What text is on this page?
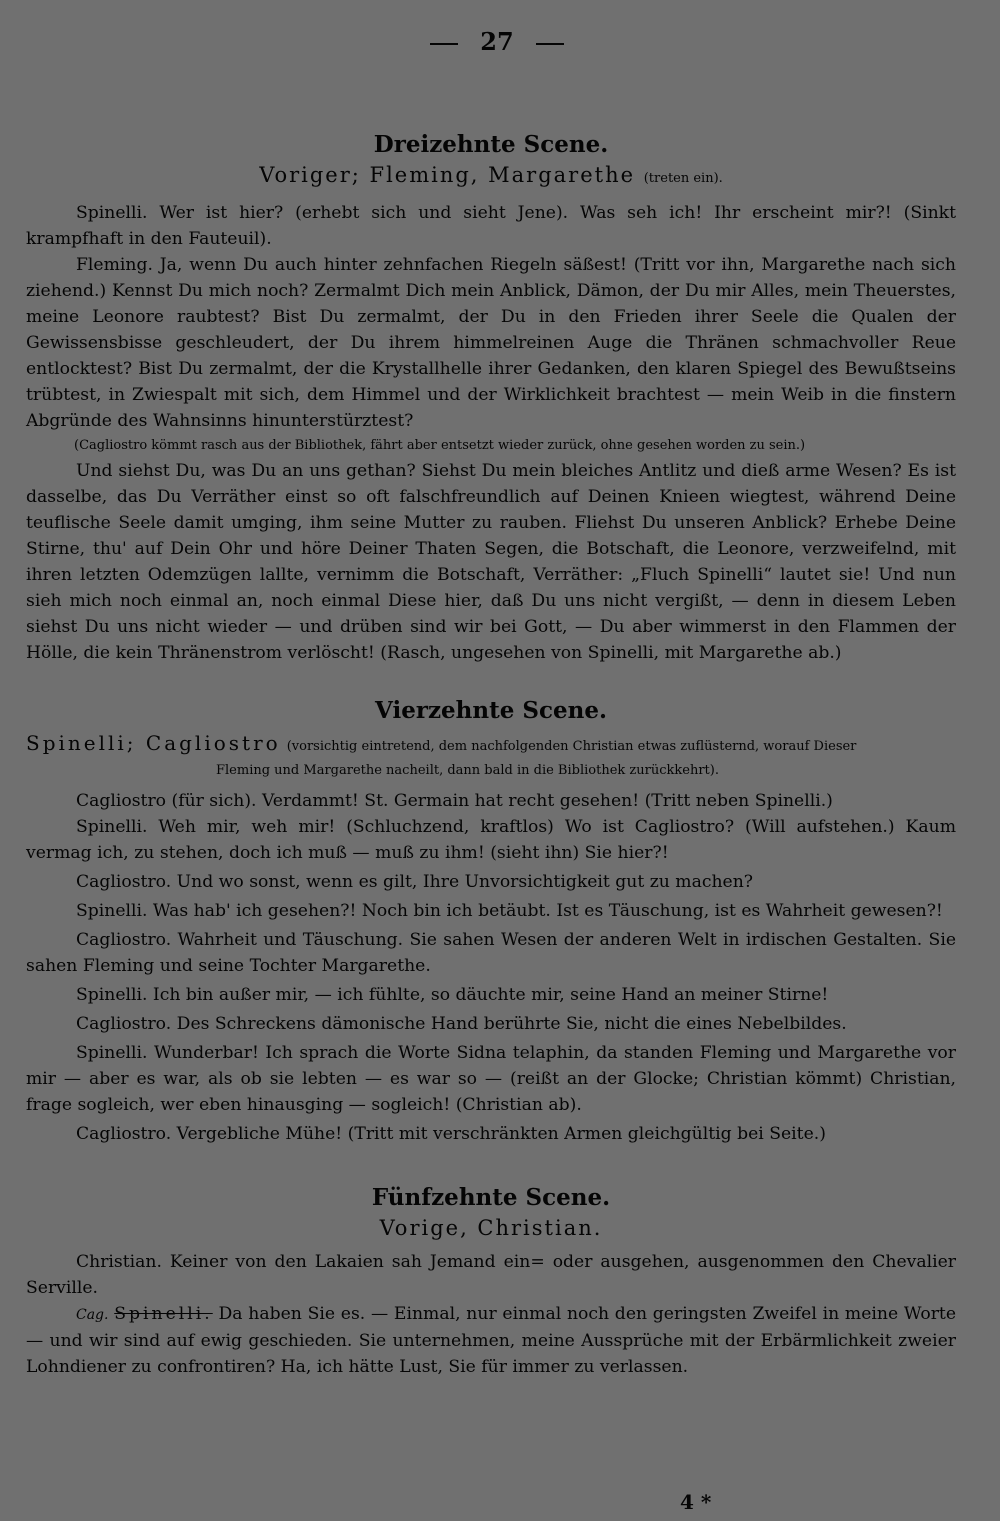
27
Dreizehnte Scene.
Voriger; Fleming, Margarethe (treten ein).

Spinelli. Wer ist hier? (erhebt sich und sieht Jene). Was seh ich! Ihr erscheint mir?! (Sinkt krampfhaft in den Fauteuil).

Fleming. Ja, wenn Du auch hinter zehnfachen Riegeln säßest! (Tritt vor ihn, Margarethe nach sich ziehend.) Kennst Du mich noch? Zermalmt Dich mein Anblick, Dämon, der Du mir Alles, mein Theuerstes, meine Leonore raubtest? Bist Du zermalmt, der Du in den Frieden ihrer Seele die Qualen der Gewissensbisse geschleudert, der Du ihrem himmelreinen Auge die Thränen schmachvoller Reue entlocktest? Bist Du zermalmt, der die Krystallhelle ihrer Gedanken, den klaren Spiegel des Bewußtseins trübtest, in Zwiespalt mit sich, dem Himmel und der Wirklichkeit brachtest — mein Weib in die finstern Abgründe des Wahnsinns hinunterstürztest?

(Cagliostro kömmt rasch aus der Bibliothek, fährt aber entsetzt wieder zurück, ohne gesehen worden zu sein.)

Und siehst Du, was Du an uns gethan? Siehst Du mein bleiches Antlitz und dieß arme Wesen? Es ist dasselbe, das Du Verräther einst so oft falschfreundlich auf Deinen Knieen wiegtest, während Deine teuflische Seele damit umging, ihm seine Mutter zu rauben. Fliehst Du unseren Anblick? Erhebe Deine Stirne, thu' auf Dein Ohr und höre Deiner Thaten Segen, die Botschaft, die Leonore, verzweifelnd, mit ihren letzten Odemzügen lallte, vernimm die Botschaft, Verräther: „Fluch Spinelli“ lautet sie! Und nun sieh mich noch einmal an, noch einmal Diese hier, daß Du uns nicht vergißt, — denn in diesem Leben siehst Du uns nicht wieder — und drüben sind wir bei Gott, — Du aber wimmerst in den Flammen der Hölle, die kein Thränenstrom verlöscht! (Rasch, ungesehen von Spinelli, mit Margarethe ab.)

Vierzehnte Scene.
Spinelli; Cagliostro (vorsichtig eintretend, dem nachfolgenden Christian etwas zuflüsternd, worauf Dieser
Fleming und Margarethe nacheilt, dann bald in die Bibliothek zurückkehrt).

Cagliostro (für sich). Verdammt! St. Germain hat recht gesehen! (Tritt neben Spinelli.)

Spinelli. Weh mir, weh mir! (Schluchzend, kraftlos) Wo ist Cagliostro? (Will aufstehen.) Kaum vermag ich, zu stehen, doch ich muß — muß zu ihm! (sieht ihn) Sie hier?!

Cagliostro. Und wo sonst, wenn es gilt, Ihre Unvorsichtigkeit gut zu machen?

Spinelli. Was hab' ich gesehen?! Noch bin ich betäubt. Ist es Täuschung, ist es Wahrheit gewesen?!

Cagliostro. Wahrheit und Täuschung. Sie sahen Wesen der anderen Welt in irdischen Gestalten. Sie sahen Fleming und seine Tochter Margarethe.

Spinelli. Ich bin außer mir, — ich fühlte, so däuchte mir, seine Hand an meiner Stirne!

Cagliostro. Des Schreckens dämonische Hand berührte Sie, nicht die eines Nebelbildes.

Spinelli. Wunderbar! Ich sprach die Worte Sidna telaphin, da standen Fleming und Margarethe vor mir — aber es war, als ob sie lebten — es war so — (reißt an der Glocke; Christian kömmt) Christian, frage sogleich, wer eben hinausging — sogleich! (Christian ab).

Cagliostro. Vergebliche Mühe! (Tritt mit verschränkten Armen gleichgültig bei Seite.)

Fünfzehnte Scene.
Vorige, Christian.

Christian. Keiner von den Lakaien sah Jemand ein= oder ausgehen, ausgenommen den Chevalier Serville.

Cag. Spinelli. Da haben Sie es. — Einmal, nur einmal noch den geringsten Zweifel in meine Worte — und wir sind auf ewig geschieden. Sie unternehmen, meine Aussprüche mit der Erbärmlichkeit zweier Lohndiener zu confrontiren? Ha, ich hätte Lust, Sie für immer zu verlassen.

4 *
